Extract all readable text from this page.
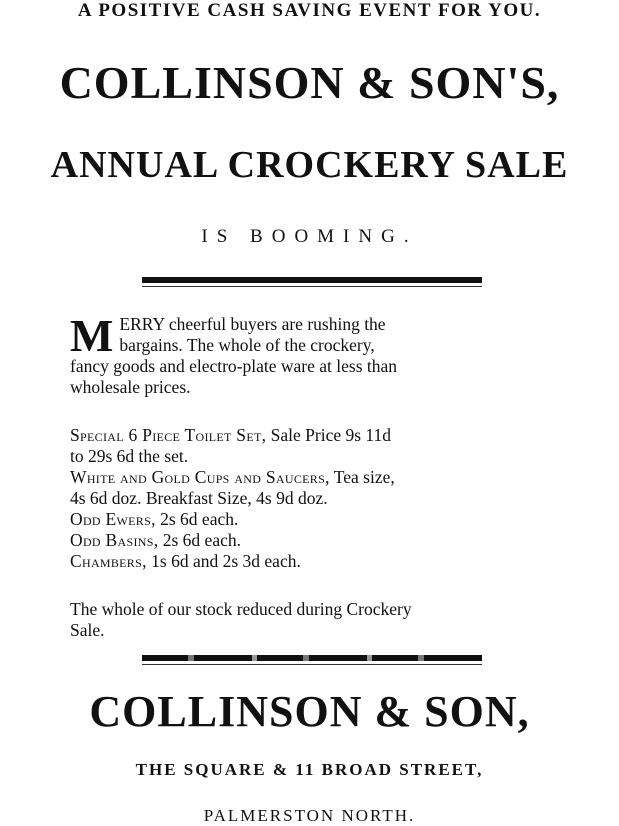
A POSITIVE CASH SAVING EVENT FOR YOU.
COLLINSON & SON'S,
ANNUAL CROCKERY SALE
IS BOOMING.
M ERRY cheerful buyers are rushing the
bargains. The whole of the crockery,
fancy goods and electro-plate ware at less than
wholesale prices.
Special 6 Piece Toilet Set, Sale Price 9s 11d
to 29s 6d the set.
White and Gold Cups and Saucers, Tea size,
4s 6d doz. Breakfast Size, 4s 9d doz.
Odd Ewers, 2s 6d each.
Odd Basins, 2s 6d each.
Chambers, 1s 6d and 2s 3d each.
The whole of our stock reduced during Crockery
Sale.
COLLINSON & SON,
THE SQUARE & 11 BROAD STREET,
PALMERSTON NORTH.
